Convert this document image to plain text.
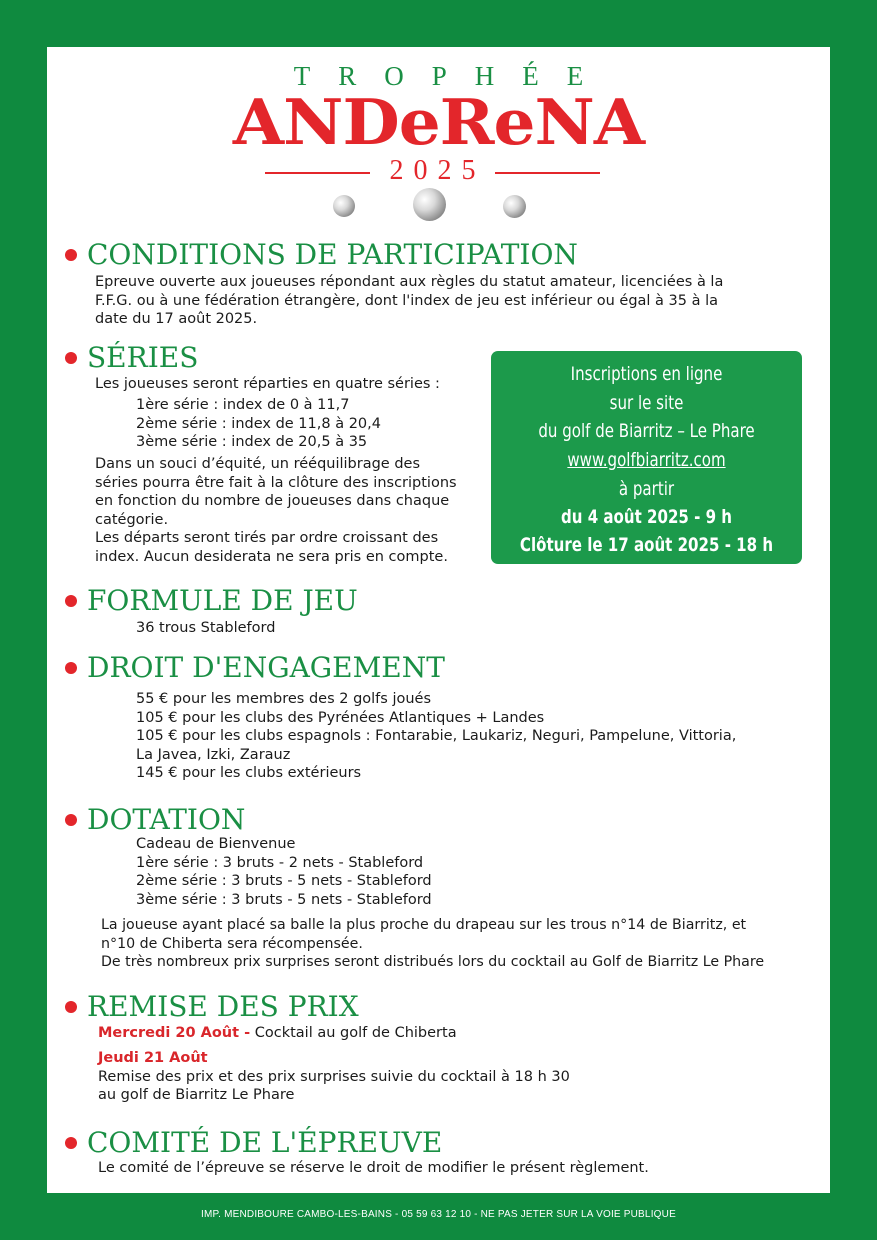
TROPHÉE
ANDeReNA
2025
CONDITIONS DE PARTICIPATION
Epreuve ouverte aux joueuses répondant aux règles du statut amateur, licenciées à la
F.F.G. ou à une fédération étrangère, dont l'index de jeu est inférieur ou égal à 35 à la
date du 17 août 2025.
SÉRIES
Les joueuses seront réparties en quatre séries :
1ère série : index de 0 à 11,7
2ème série : index de 11,8 à 20,4
3ème série : index de 20,5 à 35
Dans un souci d’équité, un rééquilibrage des
séries pourra être fait à la clôture des inscriptions
en fonction du nombre de joueuses dans chaque
catégorie.
Les départs seront tirés par ordre croissant des
index. Aucun desiderata ne sera pris en compte.
Inscriptions en ligne
sur le site
du golf de Biarritz – Le Phare
www.golfbiarritz.com
à partir
du 4 août 2025 - 9 h
Clôture le 17 août 2025 - 18 h
FORMULE DE JEU
36 trous Stableford
DROIT D'ENGAGEMENT
55 € pour les membres des 2 golfs joués
105 € pour les clubs des Pyrénées Atlantiques + Landes
105 € pour les clubs espagnols : Fontarabie, Laukariz, Neguri, Pampelune, Vittoria,
La Javea, Izki, Zarauz
145 € pour les clubs extérieurs
DOTATION
Cadeau de Bienvenue
1ère série : 3 bruts - 2 nets - Stableford
2ème série : 3 bruts - 5 nets - Stableford
3ème série : 3 bruts - 5 nets - Stableford
La joueuse ayant placé sa balle la plus proche du drapeau sur les trous n°14 de Biarritz, et
n°10 de Chiberta sera récompensée.
De très nombreux prix surprises seront distribués lors du cocktail au Golf de Biarritz Le Phare
REMISE DES PRIX
Mercredi 20 Août - Cocktail au golf de Chiberta
Jeudi 21 Août
Remise des prix et des prix surprises suivie du cocktail à 18 h 30
au golf de Biarritz Le Phare
COMITÉ DE L'ÉPREUVE
Le comité de l’épreuve se réserve le droit de modifier le présent règlement.
IMP. MENDIBOURE CAMBO-LES-BAINS - 05 59 63 12 10 - NE PAS JETER SUR LA VOIE PUBLIQUE
